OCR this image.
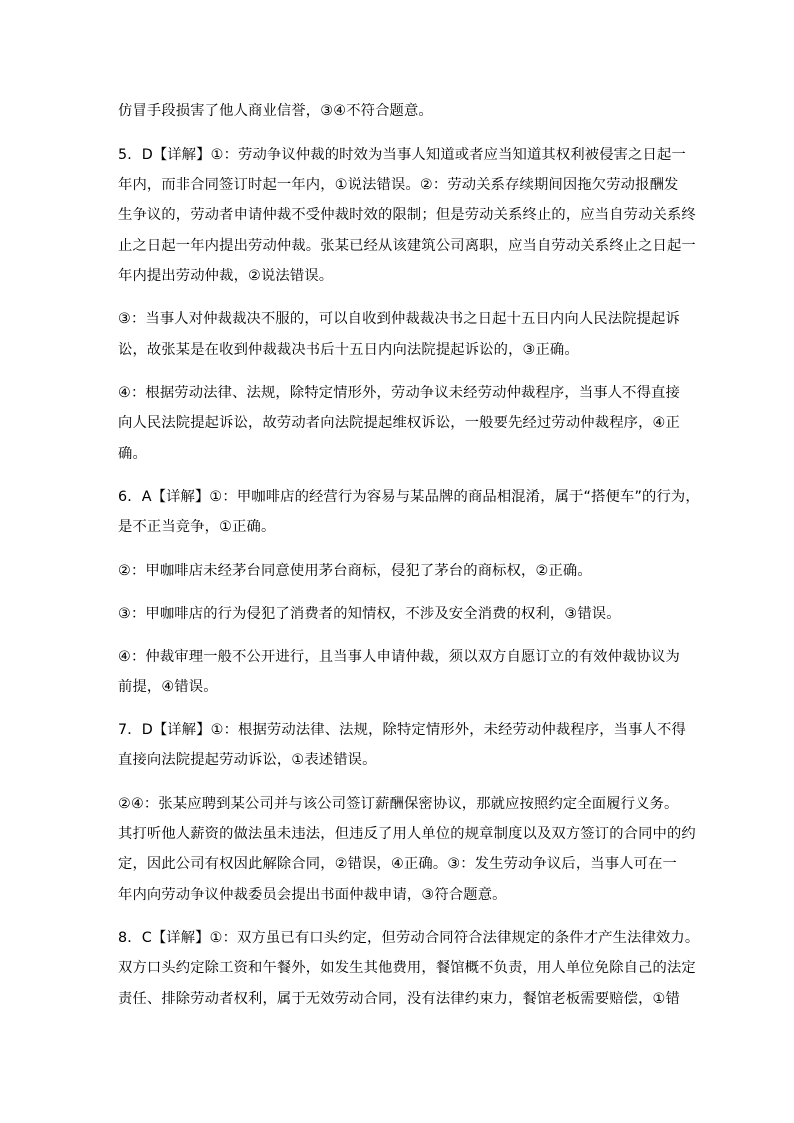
仿冒手段损害了他人商业信誉，③④不符合题意。
5．D【详解】①：劳动争议仲裁的时效为当事人知道或者应当知道其权利被侵害之日起一
年内，而非合同签订时起一年内，①说法错误。②：劳动关系存续期间因拖欠劳动报酬发
生争议的，劳动者申请仲裁不受仲裁时效的限制；但是劳动关系终止的，应当自劳动关系终
止之日起一年内提出劳动仲裁。张某已经从该建筑公司离职，应当自劳动关系终止之日起一
年内提出劳动仲裁，②说法错误。
③：当事人对仲裁裁决不服的，可以自收到仲裁裁决书之日起十五日内向人民法院提起诉
讼，故张某是在收到仲裁裁决书后十五日内向法院提起诉讼的，③正确。
④：根据劳动法律、法规，除特定情形外，劳动争议未经劳动仲裁程序，当事人不得直接
向人民法院提起诉讼，故劳动者向法院提起维权诉讼，一般要先经过劳动仲裁程序，④正
确。
6．A【详解】①：甲咖啡店的经营行为容易与某品牌的商品相混淆，属于“搭便车”的行为，
是不正当竞争，①正确。
②：甲咖啡店未经茅台同意使用茅台商标，侵犯了茅台的商标权，②正确。
③：甲咖啡店的行为侵犯了消费者的知情权，不涉及安全消费的权利，③错误。
④：仲裁审理一般不公开进行，且当事人申请仲裁，须以双方自愿订立的有效仲裁协议为
前提，④错误。
7．D【详解】①：根据劳动法律、法规，除特定情形外，未经劳动仲裁程序，当事人不得
直接向法院提起劳动诉讼，①表述错误。
②④：张某应聘到某公司并与该公司签订薪酬保密协议，那就应按照约定全面履行义务。
其打听他人薪资的做法虽未违法，但违反了用人单位的规章制度以及双方签订的合同中的约
定，因此公司有权因此解除合同，②错误，④正确。③：发生劳动争议后，当事人可在一
年内向劳动争议仲裁委员会提出书面仲裁申请，③符合题意。
8．C【详解】①：双方虽已有口头约定，但劳动合同符合法律规定的条件才产生法律效力。
双方口头约定除工资和午餐外，如发生其他费用，餐馆概不负责，用人单位免除自己的法定
责任、排除劳动者权利，属于无效劳动合同，没有法律约束力，餐馆老板需要赔偿，①错
